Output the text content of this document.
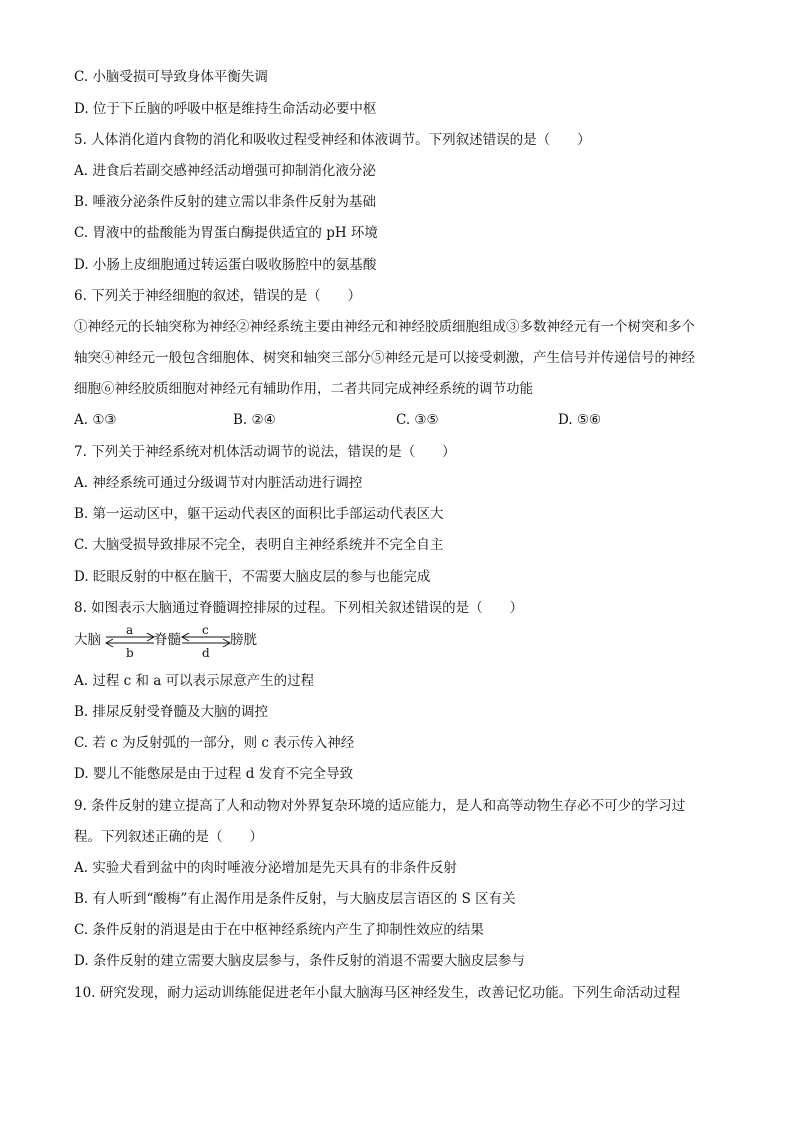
C. 小脑受损可导致身体平衡失调
D. 位于下丘脑的呼吸中枢是维持生命活动必要中枢
5. 人体消化道内食物的消化和吸收过程受神经和体液调节。下列叙述错误的是（　　）
A. 进食后若副交感神经活动增强可抑制消化液分泌
B. 唾液分泌条件反射的建立需以非条件反射为基础
C. 胃液中的盐酸能为胃蛋白酶提供适宜的 pH 环境
D. 小肠上皮细胞通过转运蛋白吸收肠腔中的氨基酸
6. 下列关于神经细胞的叙述，错误的是（　　）
①神经元的长轴突称为神经②神经系统主要由神经元和神经胶质细胞组成③多数神经元有一个树突和多个
轴突④神经元一般包含细胞体、树突和轴突三部分⑤神经元是可以接受刺激，产生信号并传递信号的神经
细胞⑥神经胶质细胞对神经元有辅助作用，二者共同完成神经系统的调节功能
A. ①③	B. ②④	C. ③⑤	D. ⑤⑥
7. 下列关于神经系统对机体活动调节的说法，错误的是（　　）
A. 神经系统可通过分级调节对内脏活动进行调控
B. 第一运动区中，躯干运动代表区的面积比手部运动代表区大
C. 大脑受损导致排尿不完全，表明自主神经系统并不完全自主
D. 眨眼反射的中枢在脑干，不需要大脑皮层的参与也能完成
8. 如图表示大脑通过脊髓调控排尿的过程。下列相关叙述错误的是（　　）
大脑	脊髓	膀胱
a
b
c
d
A. 过程 c 和 a 可以表示尿意产生的过程
B. 排尿反射受脊髓及大脑的调控
C. 若 c 为反射弧的一部分，则 c 表示传入神经
D. 婴儿不能憋尿是由于过程 d 发育不完全导致
9. 条件反射的建立提高了人和动物对外界复杂环境的适应能力，是人和高等动物生存必不可少的学习过
程。下列叙述正确的是（　　）
A. 实验犬看到盆中的肉时唾液分泌增加是先天具有的非条件反射
B. 有人听到“酸梅”有止渴作用是条件反射，与大脑皮层言语区的 S 区有关
C. 条件反射的消退是由于在中枢神经系统内产生了抑制性效应的结果
D. 条件反射的建立需要大脑皮层参与，条件反射的消退不需要大脑皮层参与
10. 研究发现，耐力运动训练能促进老年小鼠大脑海马区神经发生，改善记忆功能。下列生命活动过程
